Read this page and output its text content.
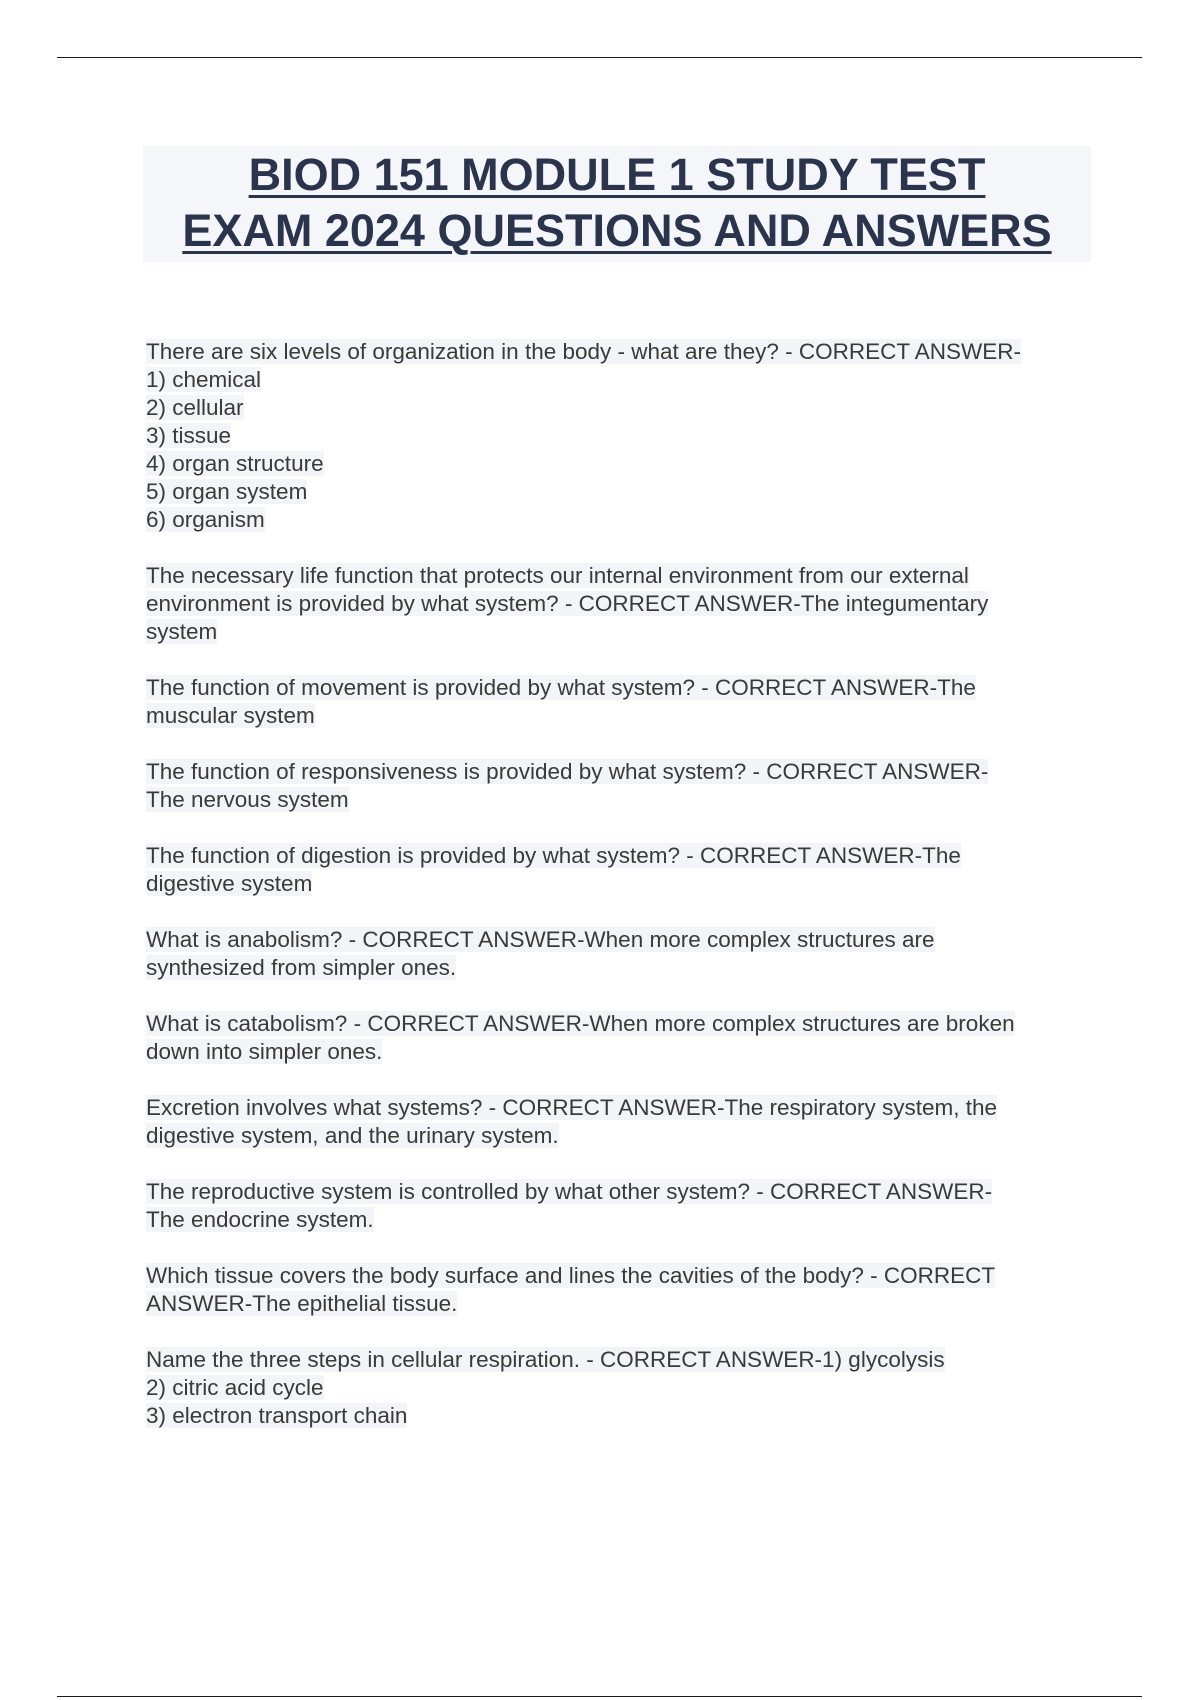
BIOD 151 MODULE 1 STUDY TEST
EXAM 2024 QUESTIONS AND ANSWERS

There are six levels of organization in the body - what are they? - CORRECT ANSWER-
1) chemical
2) cellular
3) tissue
4) organ structure
5) organ system
6) organism

The necessary life function that protects our internal environment from our external
environment is provided by what system? - CORRECT ANSWER-The integumentary
system

The function of movement is provided by what system? - CORRECT ANSWER-The
muscular system

The function of responsiveness is provided by what system? - CORRECT ANSWER-
The nervous system

The function of digestion is provided by what system? - CORRECT ANSWER-The
digestive system

What is anabolism? - CORRECT ANSWER-When more complex structures are
synthesized from simpler ones.

What is catabolism? - CORRECT ANSWER-When more complex structures are broken
down into simpler ones.

Excretion involves what systems? - CORRECT ANSWER-The respiratory system, the
digestive system, and the urinary system.

The reproductive system is controlled by what other system? - CORRECT ANSWER-
The endocrine system.

Which tissue covers the body surface and lines the cavities of the body? - CORRECT
ANSWER-The epithelial tissue.

Name the three steps in cellular respiration. - CORRECT ANSWER-1) glycolysis
2) citric acid cycle
3) electron transport chain
